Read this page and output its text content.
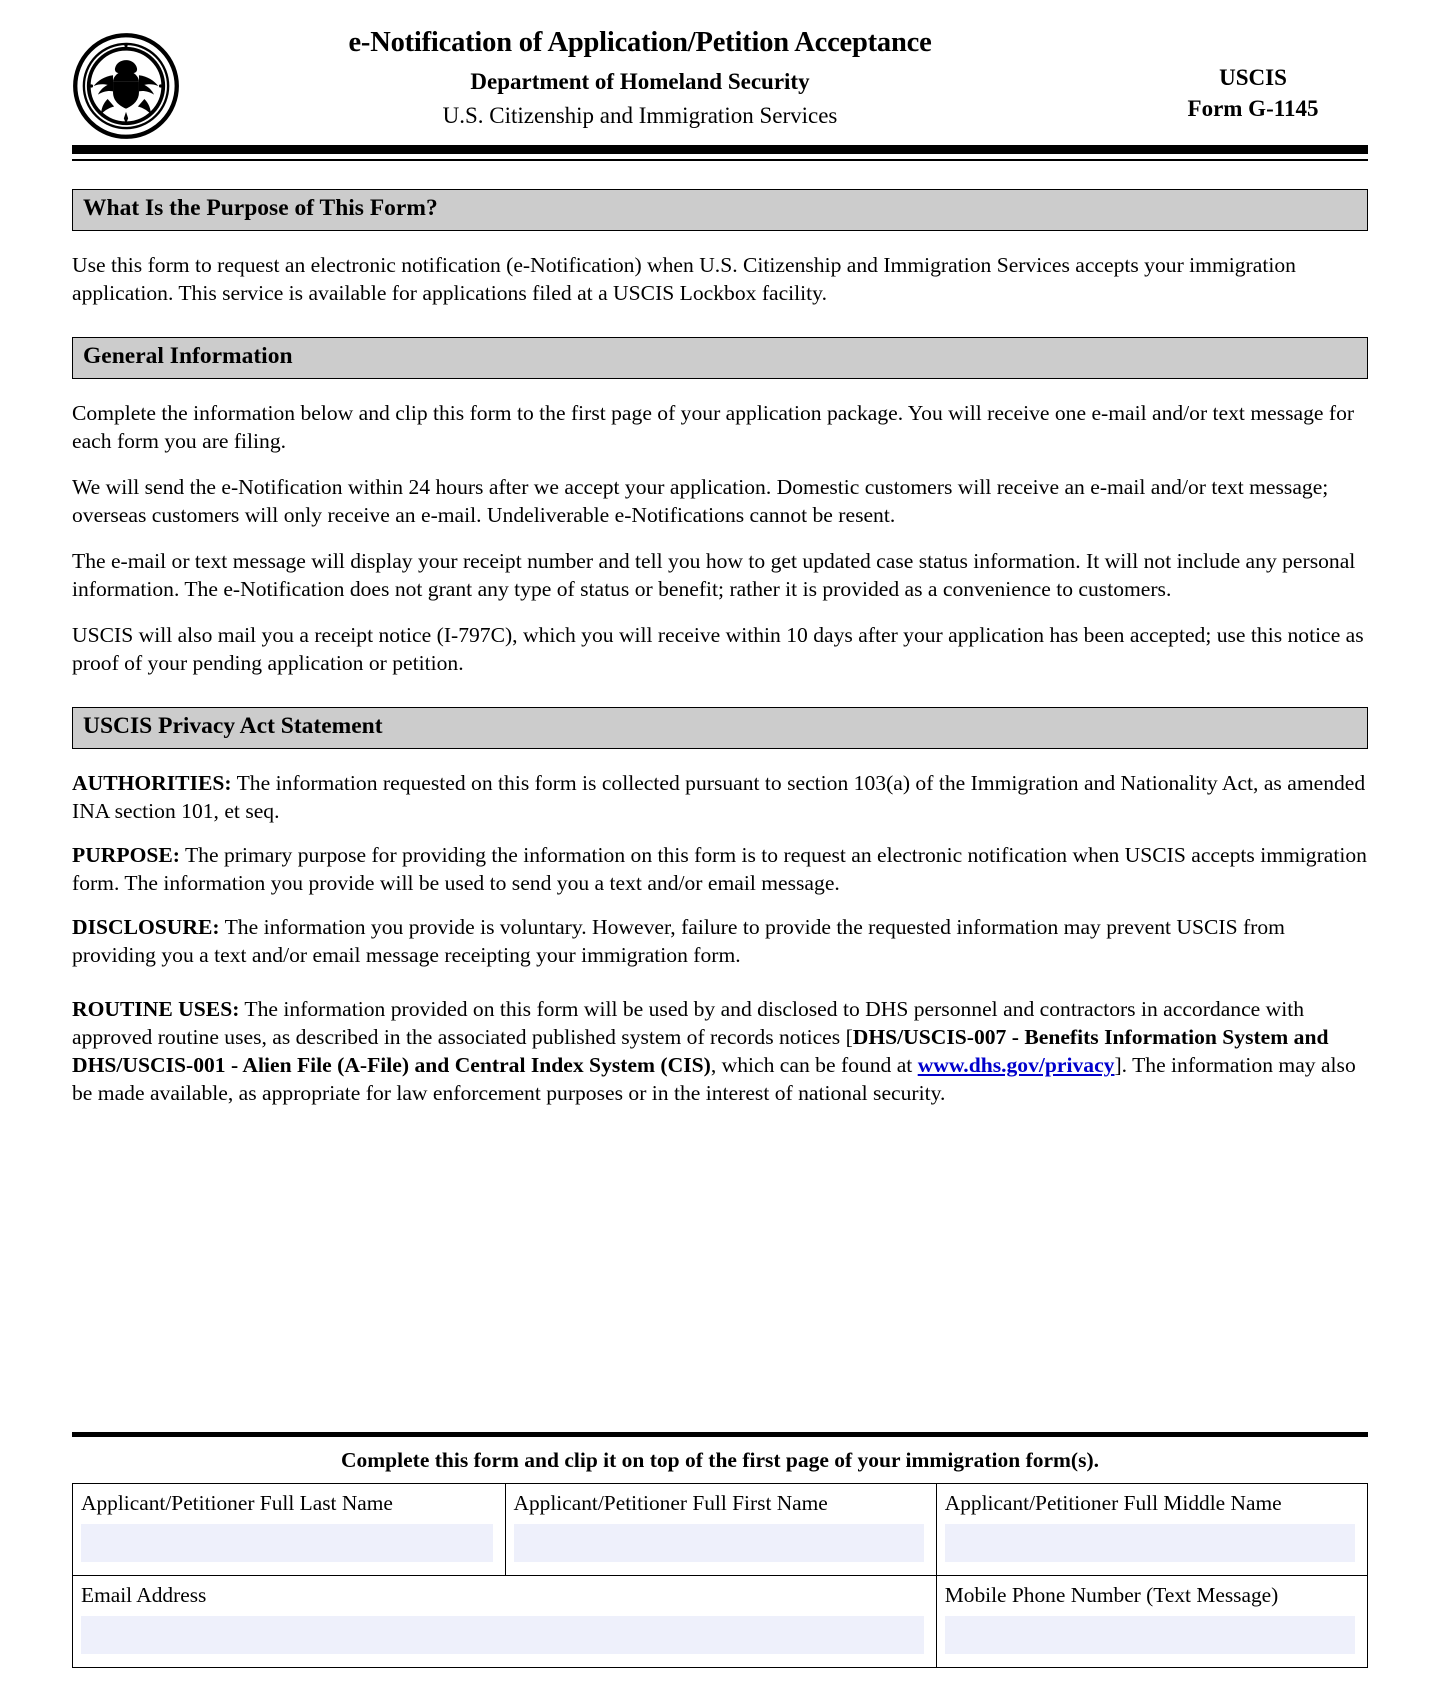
e-Notification of Application/Petition Acceptance
Department of Homeland Security
U.S. Citizenship and Immigration Services
USCIS
Form G-1145
What Is the Purpose of This Form?

Use this form to request an electronic notification (e-Notification) when U.S. Citizenship and Immigration Services accepts your immigration application. This service is available for applications filed at a USCIS Lockbox facility.

General Information

Complete the information below and clip this form to the first page of your application package. You will receive one e-mail and/or text message for each form you are filing.

We will send the e-Notification within 24 hours after we accept your application. Domestic customers will receive an e-mail and/or text message; overseas customers will only receive an e-mail. Undeliverable e-Notifications cannot be resent.

The e-mail or text message will display your receipt number and tell you how to get updated case status information. It will not include any personal information. The e-Notification does not grant any type of status or benefit; rather it is provided as a convenience to customers.

USCIS will also mail you a receipt notice (I-797C), which you will receive within 10 days after your application has been accepted; use this notice as proof of your pending application or petition.

USCIS Privacy Act Statement

AUTHORITIES: The information requested on this form is collected pursuant to section 103(a) of the Immigration and Nationality Act, as amended INA section 101, et seq.

PURPOSE: The primary purpose for providing the information on this form is to request an electronic notification when USCIS accepts immigration form. The information you provide will be used to send you a text and/or email message.

DISCLOSURE: The information you provide is voluntary. However, failure to provide the requested information may prevent USCIS from providing you a text and/or email message receipting your immigration form.

ROUTINE USES: The information provided on this form will be used by and disclosed to DHS personnel and contractors in accordance with approved routine uses, as described in the associated published system of records notices [DHS/USCIS-007 - Benefits Information System and DHS/USCIS-001 - Alien File (A-File) and Central Index System (CIS), which can be found at www.dhs.gov/privacy]. The information may also be made available, as appropriate for law enforcement purposes or in the interest of national security.

Complete this form and clip it on top of the first page of your immigration form(s).
Applicant/Petitioner Full Last Name	Applicant/Petitioner Full First Name	Applicant/Petitioner Full Middle Name

Email Address		Mobile Phone Number (Text Message)
